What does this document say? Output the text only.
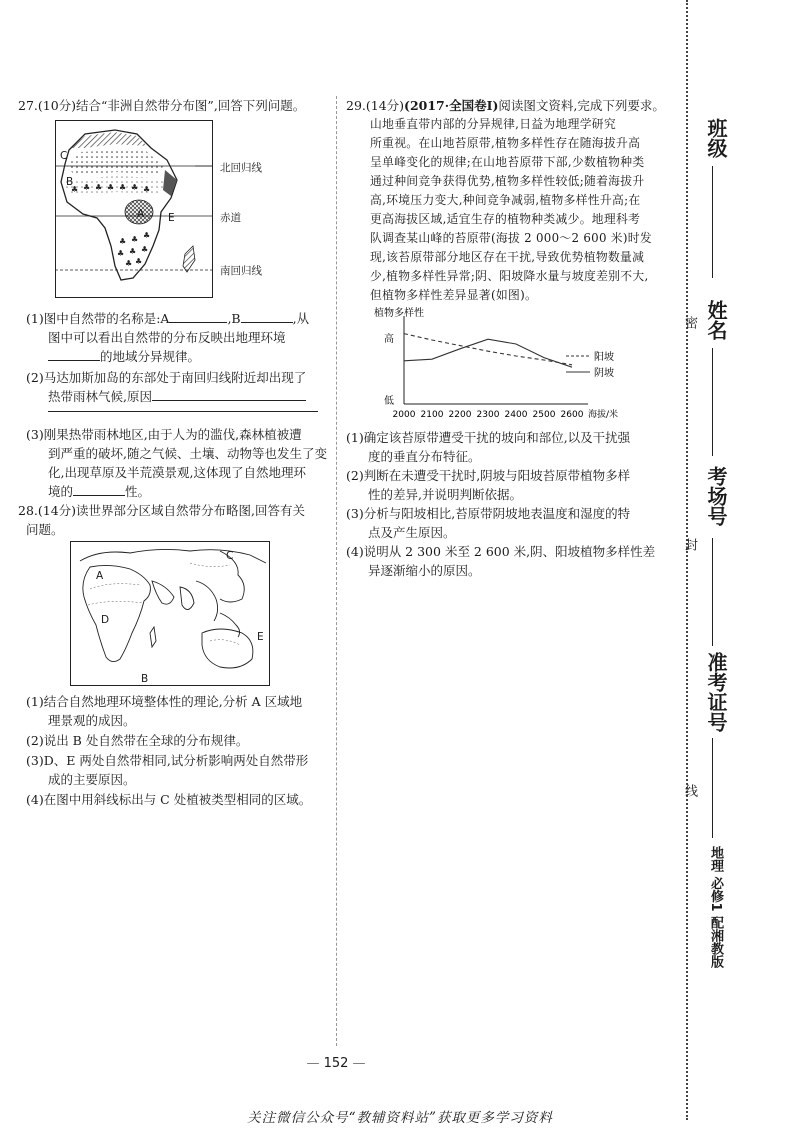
27.(10分)结合“非洲自然带分布图”,回答下列问题。
♣ ♣ ♣ ♣ ♣ ♣ ♣
♣ ♣ ♣
♣ ♣ ♣
♣ ♣
C
B
A E
北回归线
赤道
南回归线
(1)图中自然带的名称是:A	,B	,从
图中可以看出自然带的分布反映出地理环境
的地域分异规律。
(2)马达加斯加岛的东部处于南回归线附近却出现了
热带雨林气候,原因
(3)刚果热带雨林地区,由于人为的滥伐,森林植被遭
到严重的破坏,随之气候、土壤、动物等也发生了变
化,出现草原及半荒漠景观,这体现了自然地理环
境的	性。
28.(14分)读世界部分区域自然带分布略图,回答有关
问题。
A
D
B
C
E
(1)结合自然地理环境整体性的理论,分析 A 区域地
理景观的成因。
(2)说出 B 处自然带在全球的分布规律。
(3)D、E 两处自然带相同,试分析影响两处自然带形
成的主要原因。
(4)在图中用斜线标出与 C 处植被类型相同的区域。
29.(14分)(2017·全国卷Ⅰ)阅读图文资料,完成下列要求。
山地垂直带内部的分异规律,日益为地理学研究
所重视。在山地苔原带,植物多样性存在随海拔升高
呈单峰变化的规律;在山地苔原带下部,少数植物种类
通过种间竞争获得优势,植物多样性较低;随着海拔升
高,环境压力变大,种间竞争减弱,植物多样性升高;在
更高海拔区域,适宜生存的植物种类减少。地理科考
队调查某山峰的苔原带(海拔 2 000～2 600 米)时发
现,该苔原带部分地区存在干扰,导致优势植物数量减
少,植物多样性异常;阴、阳坡降水量与坡度差别不大,
但植物多样性差异显著(如图)。
植物多样性
高
低
2000 2100 2200 2300 2400 2500 2600 海拔/米
阳坡
阴坡
(1)确定该苔原带遭受干扰的坡向和部位,以及干扰强
度的垂直分布特征。
(2)判断在未遭受干扰时,阴坡与阳坡苔原带植物多样
性的差异,并说明判断依据。
(3)分析与阳坡相比,苔原带阴坡地表温度和湿度的特
点及产生原因。
(4)说明从 2 300 米至 2 600 米,阴、阳坡植物多样性差
异逐渐缩小的原因。
班级
姓名
密
考场号
封
准考证号
线
地理 必修1 配湘教版
— 152 —
关注微信公众号“教辅资料站”获取更多学习资料
